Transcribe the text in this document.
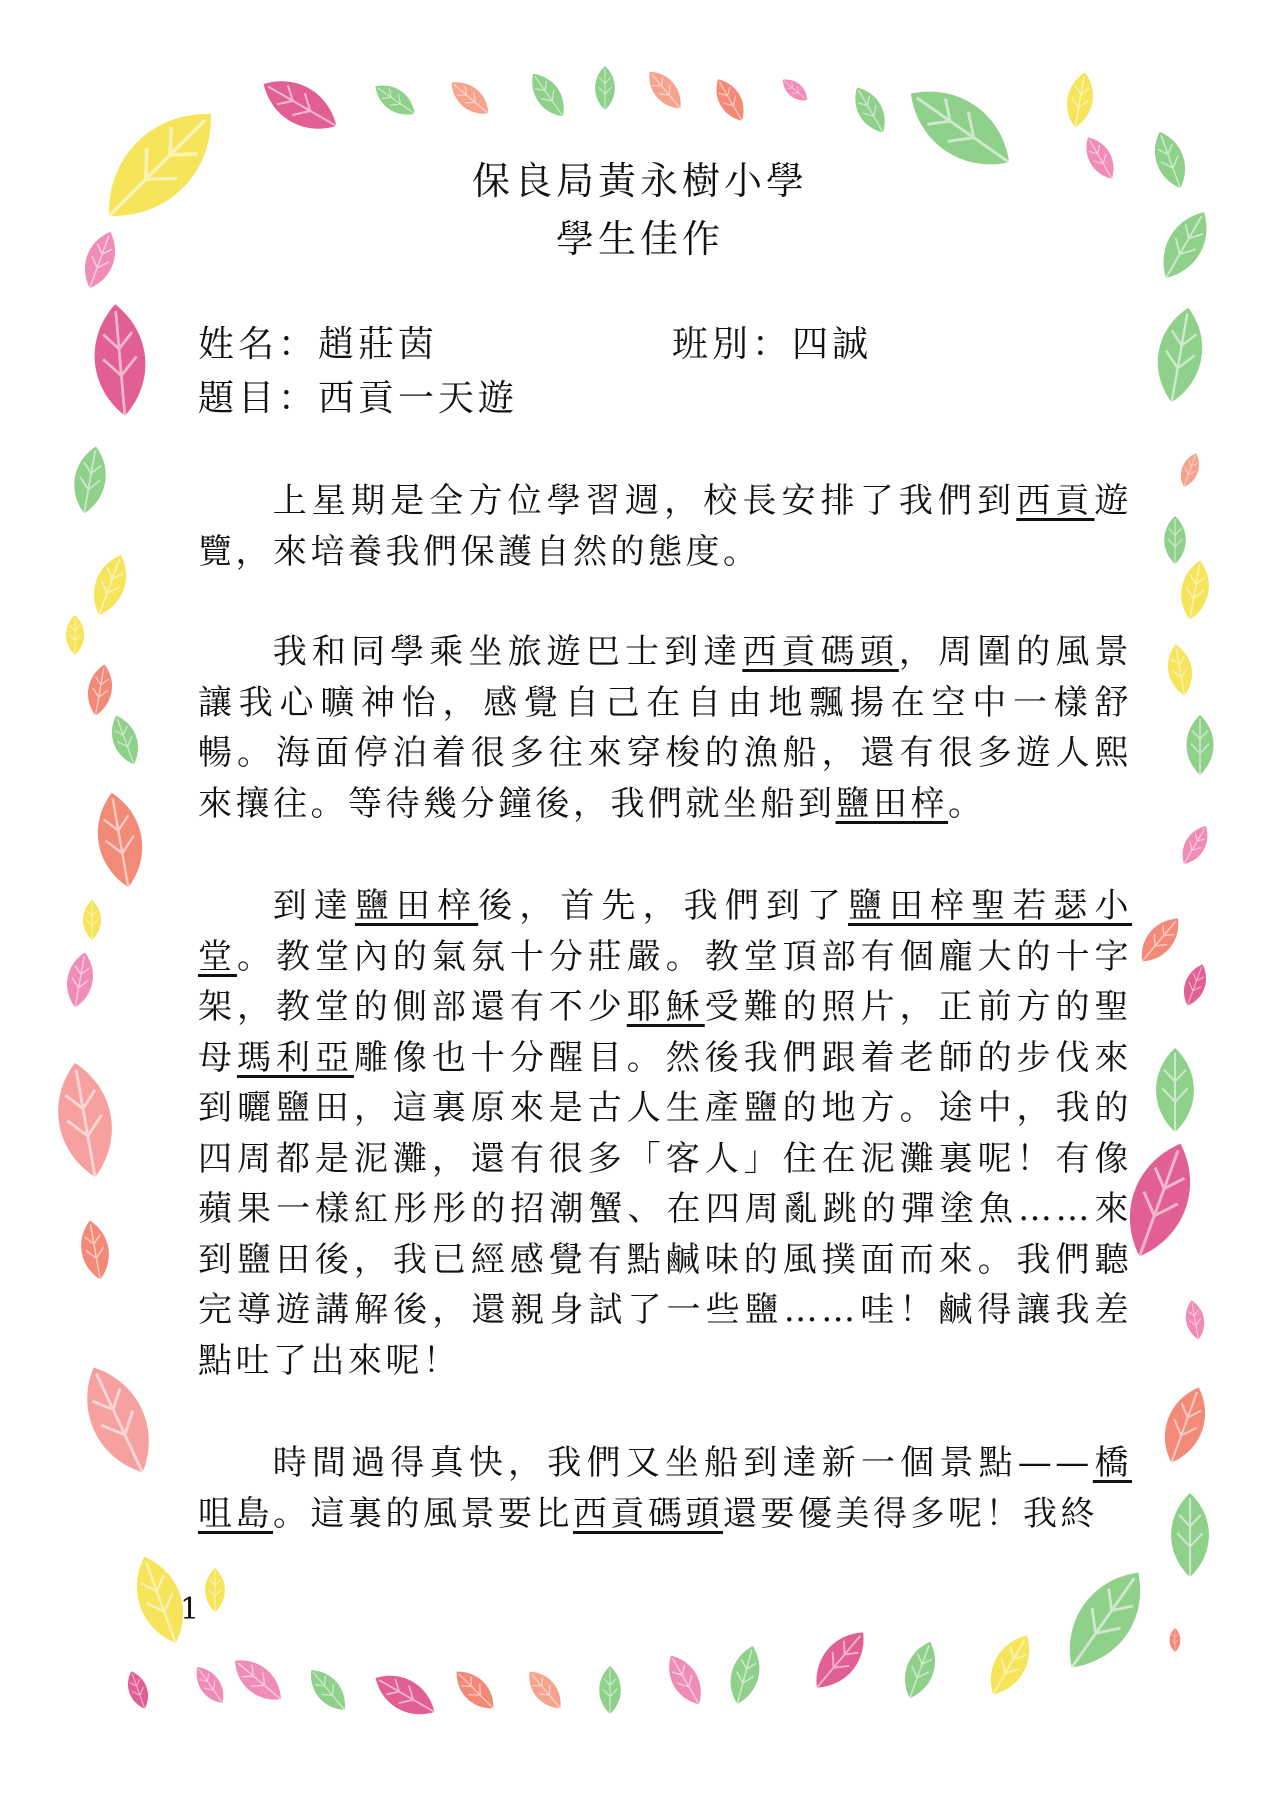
保良局黃永樹小學
學生佳作
姓名：趙莊茵	班別：四誠
題目：西貢一天遊
上星期是全方位學習週，校長安排了我們到西貢遊覽，來培養我們保護自然的態度。
我和同學乘坐旅遊巴士到達西貢碼頭，周圍的風景讓我心曠神怡，感覺自己在自由地飄揚在空中一樣舒暢。海面停泊着很多往來穿梭的漁船，還有很多遊人熙來攘往。等待幾分鐘後，我們就坐船到鹽田梓。
到達鹽田梓後，首先，我們到了鹽田梓聖若瑟小堂。教堂內的氣氛十分莊嚴。教堂頂部有個龐大的十字架，教堂的側部還有不少耶穌受難的照片，正前方的聖母瑪利亞雕像也十分醒目。然後我們跟着老師的步伐來到曬鹽田，這裏原來是古人生產鹽的地方。途中，我的四周都是泥灘，還有很多「客人」住在泥灘裏呢！有像蘋果一樣紅彤彤的招潮蟹、在四周亂跳的彈塗魚……來到鹽田後，我已經感覺有點鹹味的風撲面而來。我們聽完導遊講解後，還親身試了一些鹽……哇！鹹得讓我差點吐了出來呢！
時間過得真快，我們又坐船到達新一個景點——橋咀島。這裏的風景要比西貢碼頭還要優美得多呢！我終
1
